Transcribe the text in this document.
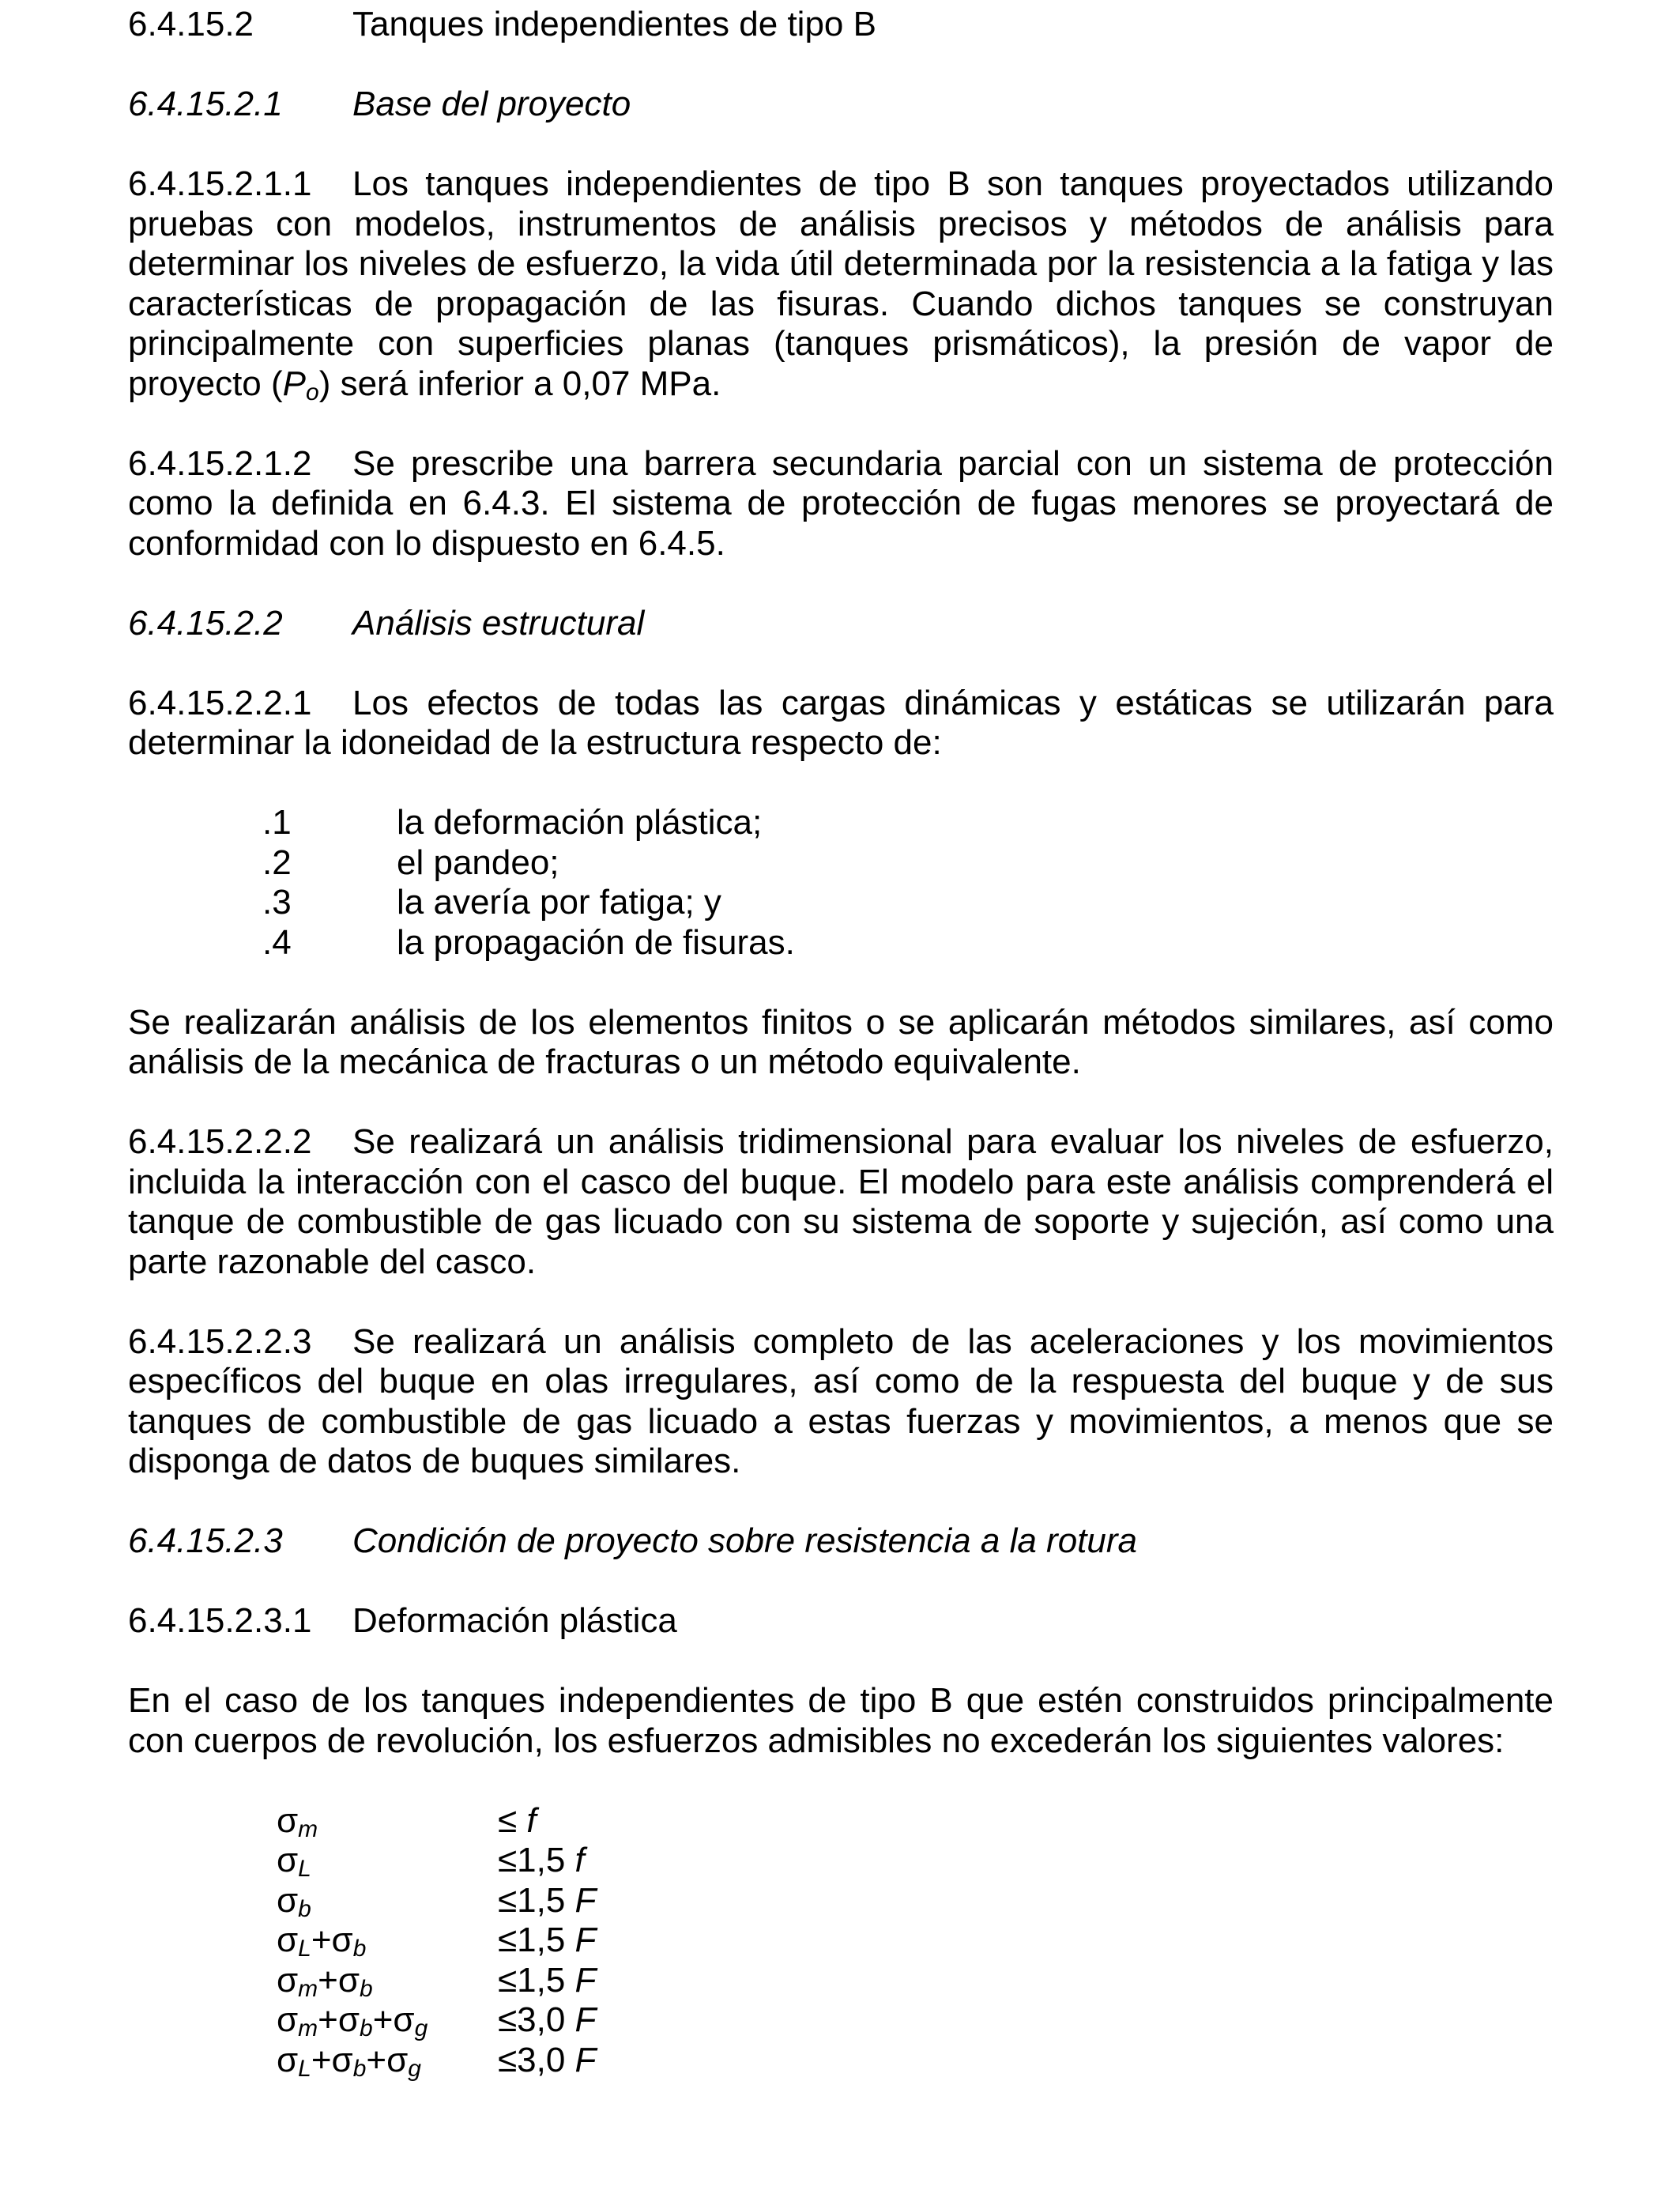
6.4.15.2	Tanques independientes de tipo B

6.4.15.2.1 Base del proyecto

6.4.15.2.1.1 Los tanques independientes de tipo B son tanques proyectados utilizando pruebas con modelos, instrumentos de análisis precisos y métodos de análisis para determinar los niveles de esfuerzo, la vida útil determinada por la resistencia a la fatiga y las características de propagación de las fisuras. Cuando dichos tanques se construyan principalmente con superficies planas (tanques prismáticos), la presión de vapor de proyecto $(P_o)$ será inferior a 0,07 MPa.

6.4.15.2.1.2 Se prescribe una barrera secundaria parcial con un sistema de protección como la definida en 6.4.3. El sistema de protección de fugas menores se proyectará de conformidad con lo dispuesto en 6.4.5.

6.4.15.2.2 Análisis estructural

6.4.15.2.2.1 Los efectos de todas las cargas dinámicas y estáticas se utilizarán para determinar la idoneidad de la estructura respecto de:

.1	la deformación plástica;
.2	el pandeo;
.3	la avería por fatiga; y
.4	la propagación de fisuras.

Se realizarán análisis de los elementos finitos o se aplicarán métodos similares, así como análisis de la mecánica de fracturas o un método equivalente.

6.4.15.2.2.2 Se realizará un análisis tridimensional para evaluar los niveles de esfuerzo, incluida la interacción con el casco del buque. El modelo para este análisis comprenderá el tanque de combustible de gas licuado con su sistema de soporte y sujeción, así como una parte razonable del casco.

6.4.15.2.2.3 Se realizará un análisis completo de las aceleraciones y los movimientos específicos del buque en olas irregulares, así como de la respuesta del buque y de sus tanques de combustible de gas licuado a estas fuerzas y movimientos, a menos que se disponga de datos de buques similares.

6.4.15.2.3 Condición de proyecto sobre resistencia a la rotura

6.4.15.2.3.1 Deformación plástica

En el caso de los tanques independientes de tipo B que estén construidos principalmente con cuerpos de revolución, los esfuerzos admisibles no excederán los siguientes valores:

$\sigma_m$	≤ f
$\sigma_L$	≤1,5 f
$\sigma_b$	≤1,5 F
$\sigma_L+\sigma_b$	≤1,5 F
$\sigma_m+\sigma_b$	≤1,5 F
$\sigma_m+\sigma_b+\sigma_g$	≤3,0 F
$\sigma_L+\sigma_b+\sigma_g$	≤3,0 F
